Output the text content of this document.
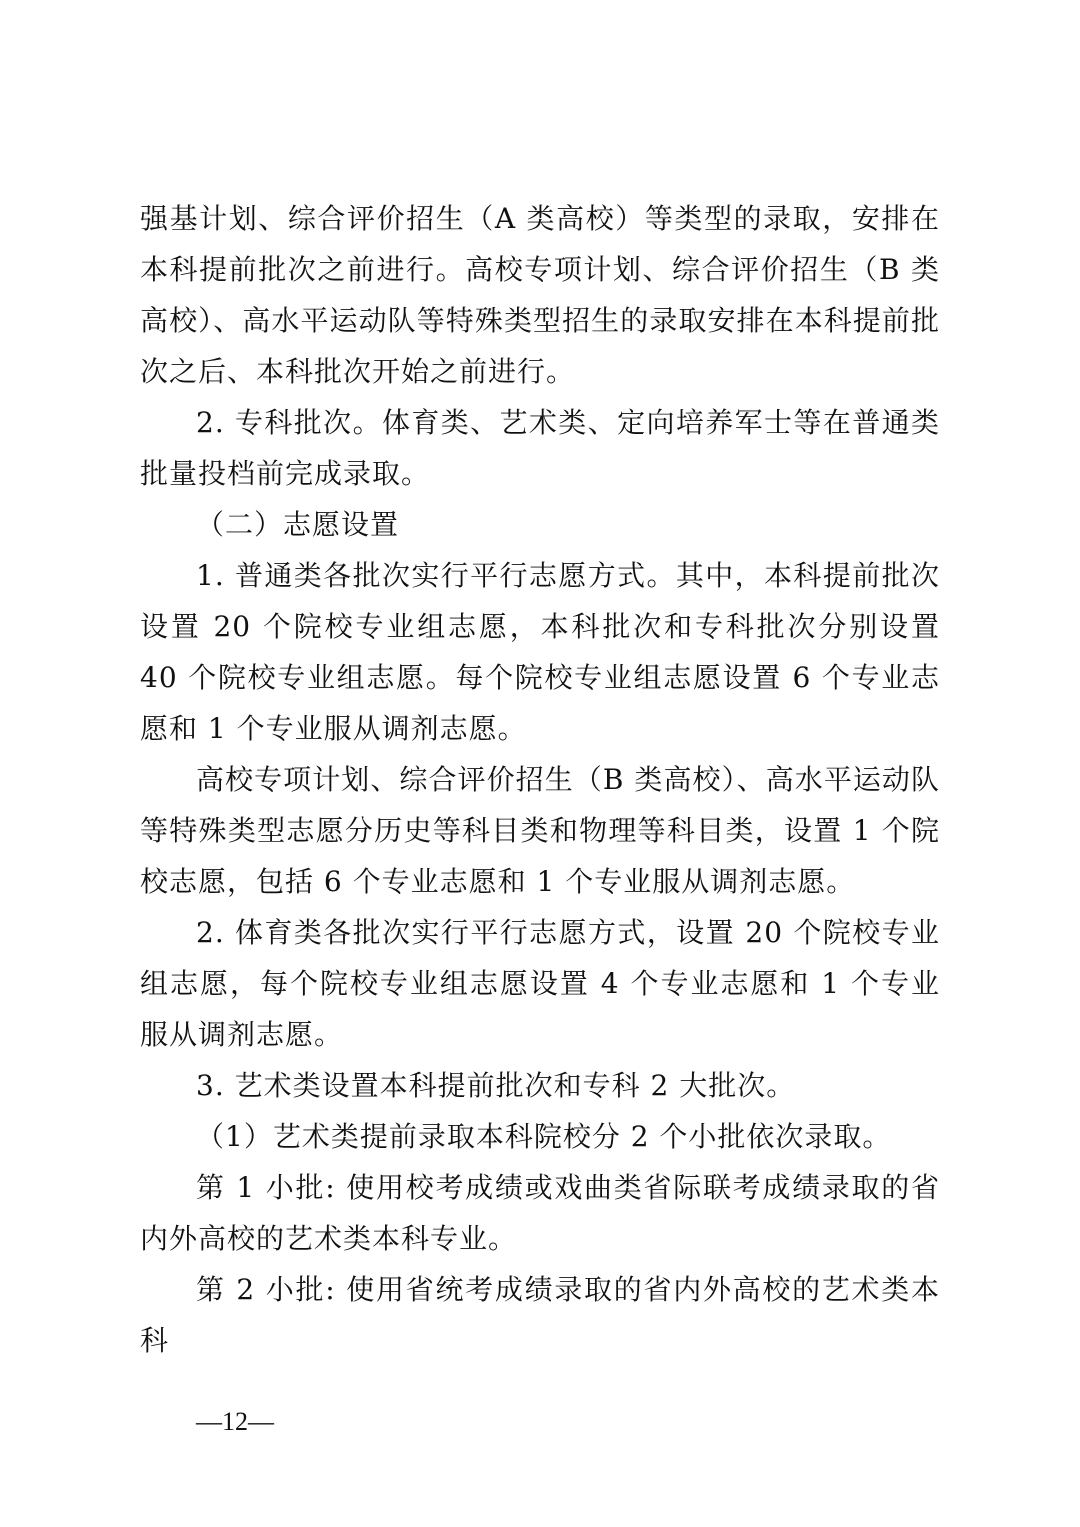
强基计划、综合评价招生（A 类高校）等类型的录取，安排在本科提前批次之前进行。高校专项计划、综合评价招生（B 类高校）、高水平运动队等特殊类型招生的录取安排在本科提前批次之后、本科批次开始之前进行。

2. 专科批次。体育类、艺术类、定向培养军士等在普通类批量投档前完成录取。

（二）志愿设置

1. 普通类各批次实行平行志愿方式。其中，本科提前批次设置 20 个院校专业组志愿，本科批次和专科批次分别设置 40 个院校专业组志愿。每个院校专业组志愿设置 6 个专业志愿和 1 个专业服从调剂志愿。

高校专项计划、综合评价招生（B 类高校）、高水平运动队等特殊类型志愿分历史等科目类和物理等科目类，设置 1 个院校志愿，包括 6 个专业志愿和 1 个专业服从调剂志愿。

2. 体育类各批次实行平行志愿方式，设置 20 个院校专业组志愿，每个院校专业组志愿设置 4 个专业志愿和 1 个专业服从调剂志愿。

3. 艺术类设置本科提前批次和专科 2 大批次。

（1）艺术类提前录取本科院校分 2 个小批依次录取。

第 1 小批: 使用校考成绩或戏曲类省际联考成绩录取的省内外高校的艺术类本科专业。

第 2 小批: 使用省统考成绩录取的省内外高校的艺术类本科

—12—
